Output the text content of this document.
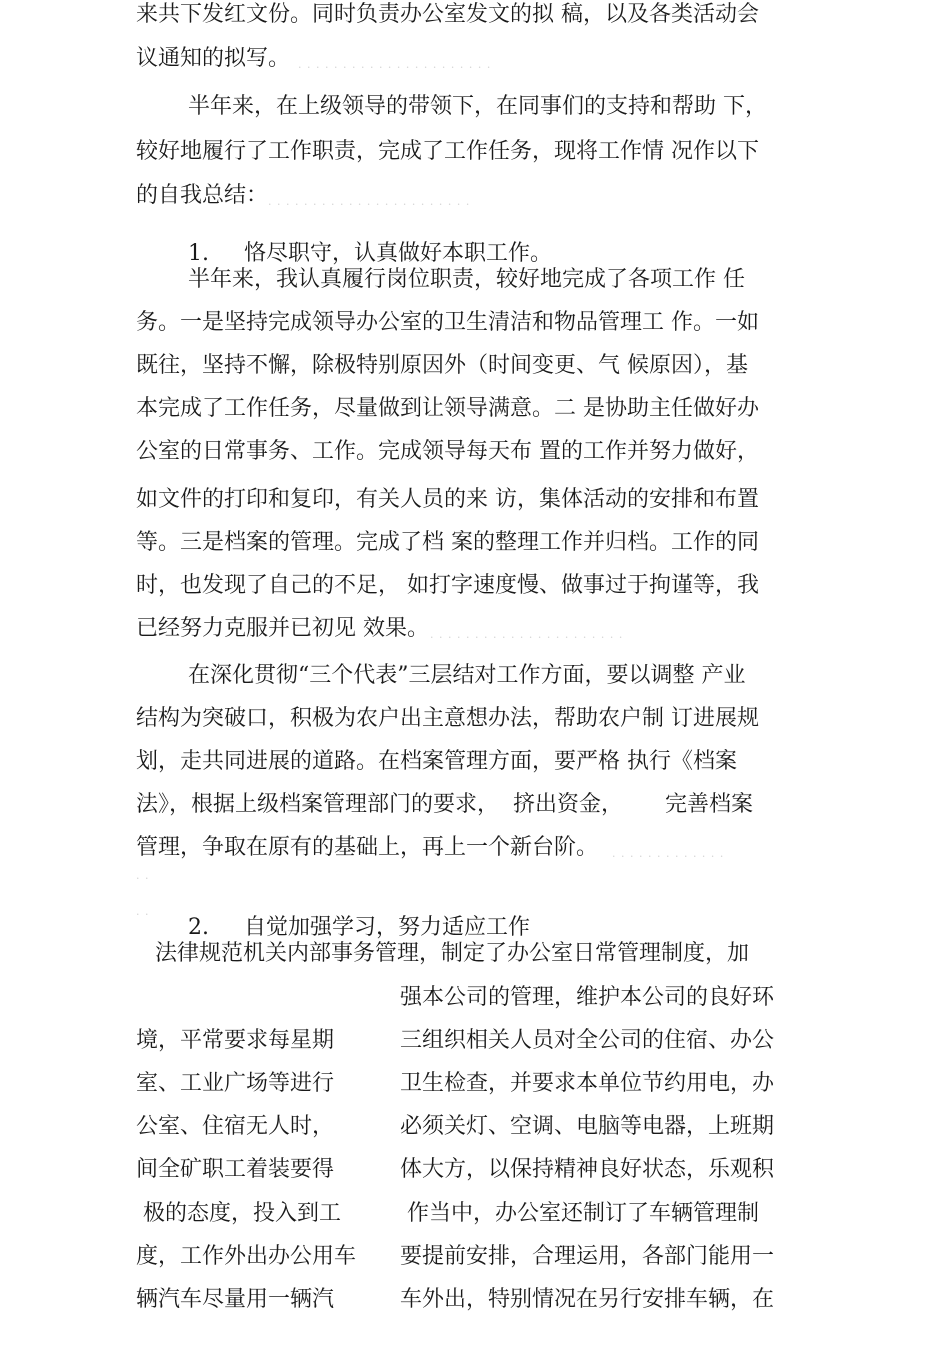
来共下发红文份。同时负责办公室发文的拟 稿，以及各类活动会
议通知的拟写。 · · · · · · · · · · · · · · · · · · · · · ·
半年来，在上级领导的带领下，在同事们的支持和帮助 下，
较好地履行了工作职责，完成了工作任务，现将工作情 况作以下
的自我总结： · · · · · · · · · · · · · · · · · · · · · · ·
1. 恪尽职守，认真做好本职工作。
半年来，我认真履行岗位职责，较好地完成了各项工作 任
务。一是坚持完成领导办公室的卫生清洁和物品管理工 作。一如
既往，坚持不懈，除极特别原因外（时间变更、气 候原因），基
本完成了工作任务，尽量做到让领导满意。二 是协助主任做好办
公室的日常事务、工作。完成领导每天布 置的工作并努力做好，
如文件的打印和复印，有关人员的来 访，集体活动的安排和布置
等。三是档案的管理。完成了档 案的整理工作并归档。工作的同
时，也发现了自己的不足， 如打字速度慢、做事过于拘谨等，我
已经努力克服并已初见 效果。 · · · · · · · · · · · · · · · · · · · · · ·
在深化贯彻“三个代表”三层结对工作方面，要以调整 产业
结构为突破口，积极为农户出主意想办法，帮助农户制 订进展规
划，走共同进展的道路。在档案管理方面，要严格 执行《档案
法》，根据上级档案管理部门的要求，  挤出资金，      完善档案
管理，争取在原有的基础上，再上一个新台阶。 · · · · · · · · · · · · ·
· ·
· ·
2. 自觉加强学习，努力适应工作
法律规范机关内部事务管理，制定了办公室日常管理制度，加
强本公司的管理，维护本公司的良好环
境，平常要求每星期	三组织相关人员对全公司的住宿、办公
室、工业广场等进行	卫生检查，并要求本单位节约用电，办
公室、住宿无人时，	必须关灯、空调、电脑等电器，上班期
间全矿职工着装要得	体大方，以保持精神良好状态，乐观积
极的态度，投入到工	作当中，办公室还制订了车辆管理制
度，工作外出办公用车 要提前安排，合理运用，各部门能用一
辆汽车尽量用一辆汽	车外出，特别情况在另行安排车辆，在
